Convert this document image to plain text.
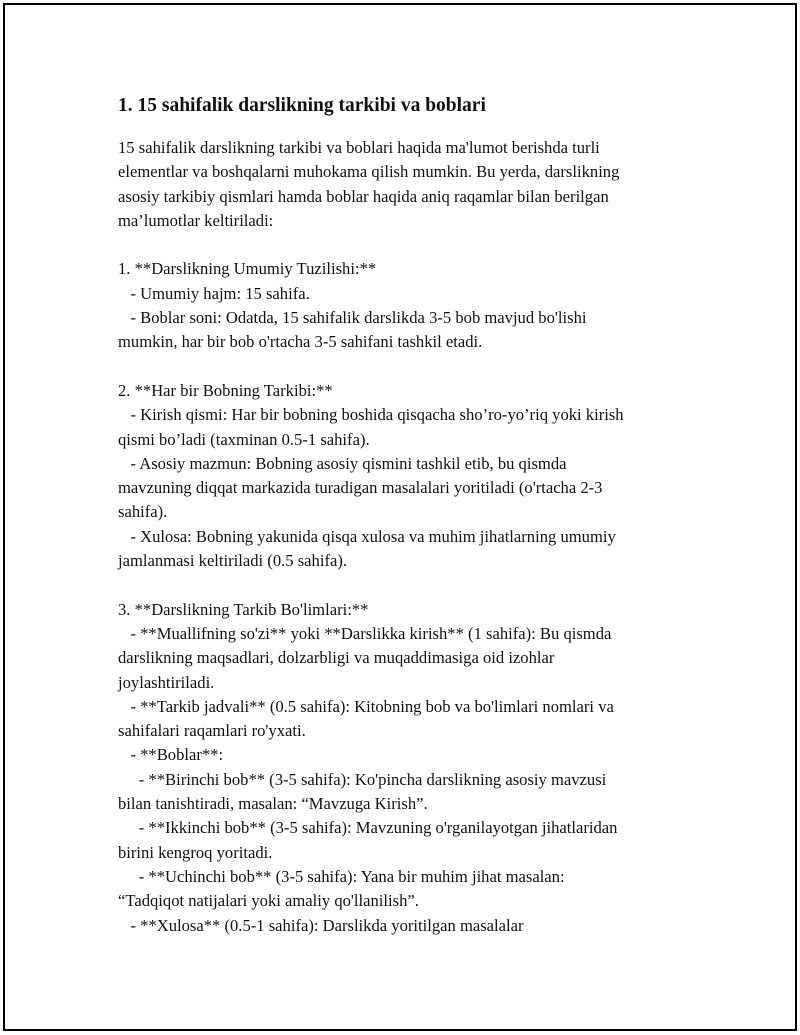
1. 15 sahifalik darslikning tarkibi va boblari
15 sahifalik darslikning tarkibi va boblari haqida ma'lumot berishda turli
elementlar va boshqalarni muhokama qilish mumkin. Bu yerda, darslikning
asosiy tarkibiy qismlari hamda boblar haqida aniq raqamlar bilan berilgan
ma’lumotlar keltiriladi:

1. **Darslikning Umumiy Tuzilishi:**
- Umumiy hajm: 15 sahifa.
- Boblar soni: Odatda, 15 sahifalik darslikda 3-5 bob mavjud bo'lishi
mumkin, har bir bob o'rtacha 3-5 sahifani tashkil etadi.

2. **Har bir Bobning Tarkibi:**
- Kirish qismi: Har bir bobning boshida qisqacha sho’ro-yo’riq yoki kirish
qismi bo’ladi (taxminan 0.5-1 sahifa).
- Asosiy mazmun: Bobning asosiy qismini tashkil etib, bu qismda
mavzuning diqqat markazida turadigan masalalari yoritiladi (o'rtacha 2-3
sahifa).
- Xulosa: Bobning yakunida qisqa xulosa va muhim jihatlarning umumiy
jamlanmasi keltiriladi (0.5 sahifa).

3. **Darslikning Tarkib Bo'limlari:**
- **Muallifning so'zi** yoki **Darslikka kirish** (1 sahifa): Bu qismda
darslikning maqsadlari, dolzarbligi va muqaddimasiga oid izohlar
joylashtiriladi.
- **Tarkib jadvali** (0.5 sahifa): Kitobning bob va bo'limlari nomlari va
sahifalari raqamlari ro'yxati.
- **Boblar**:
- **Birinchi bob** (3-5 sahifa): Ko'pincha darslikning asosiy mavzusi
bilan tanishtiradi, masalan: “Mavzuga Kirish”.
- **Ikkinchi bob** (3-5 sahifa): Mavzuning o'rganilayotgan jihatlaridan
birini kengroq yoritadi.
- **Uchinchi bob** (3-5 sahifa): Yana bir muhim jihat masalan:
“Tadqiqot natijalari yoki amaliy qo'llanilish”.
- **Xulosa** (0.5-1 sahifa): Darslikda yoritilgan masalalar
